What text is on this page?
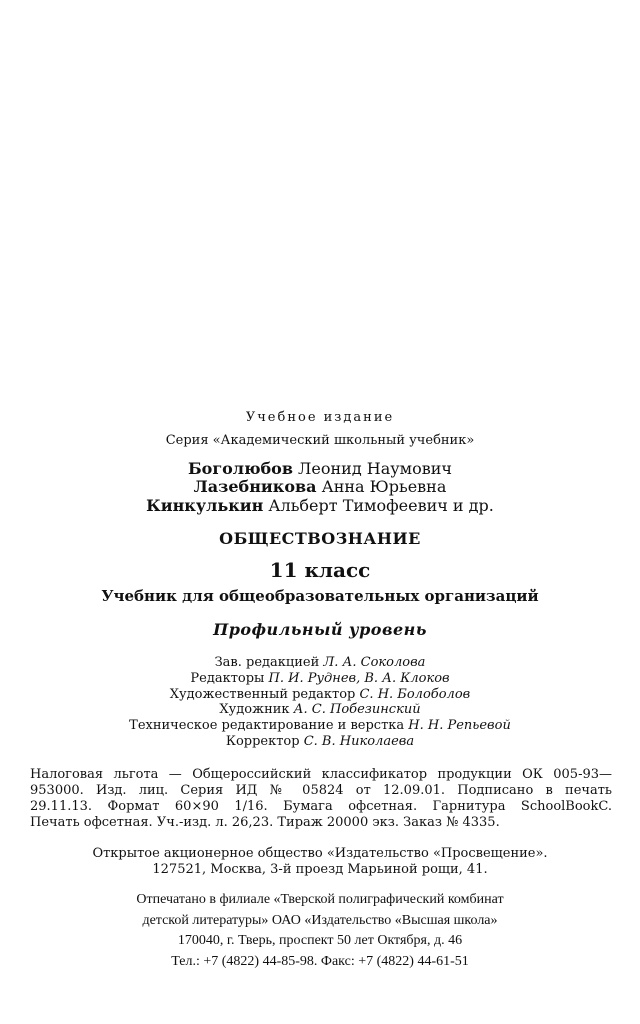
Учебное издание
Серия «Академический школьный учебник»
Боголюбов Леонид Наумович
Лазебникова Анна Юрьевна
Кинкулькин Альберт Тимофеевич и др.
ОБЩЕСТВОЗНАНИЕ
11 класс
Учебник для общеобразовательных организаций
Профильный уровень
Зав. редакцией Л. А. Соколова
Редакторы П. И. Руднев, В. А. Клоков
Художественный редактор С. Н. Болоболов
Художник А. С. Побезинский
Техническое редактирование и верстка Н. Н. Репьевой
Корректор С. В. Николаева
Налоговая льгота — Общероссийский классификатор продукции ОК 005-93—
953000. Изд. лиц. Серия ИД № 05824 от 12.09.01. Подписано в печать
29.11.13. Формат 60×90 1/16. Бумага офсетная. Гарнитура SchoolBookC.
Печать офсетная. Уч.-изд. л. 26,23. Тираж 20000 экз. Заказ № 4335.
Открытое акционерное общество «Издательство «Просвещение».
127521, Москва, 3-й проезд Марьиной рощи, 41.
Отпечатано в филиале «Тверской полиграфический комбинат
детской литературы» ОАО «Издательство «Высшая школа»
170040, г. Тверь, проспект 50 лет Октября, д. 46
Тел.: +7 (4822) 44-85-98. Факс: +7 (4822) 44-61-51
